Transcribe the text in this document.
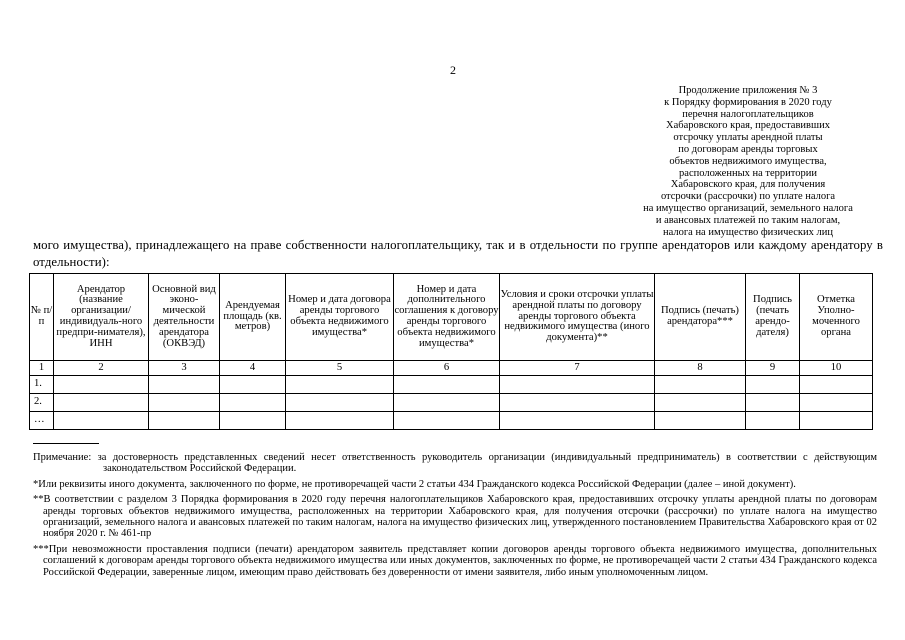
2
Продолжение приложения № 3
к Порядку формирования в 2020 году
перечня налогоплательщиков
Хабаровского края, предоставивших
отсрочку уплаты арендной платы
по договорам аренды торговых
объектов недвижимого имущества,
расположенных на территории
Хабаровского края, для получения
отсрочки (рассрочки) по уплате налога
на имущество организаций, земельного налога
и авансовых платежей по таким налогам,
налога на имущество физических лиц
мого имущества), принадлежащего на праве собственности налогоплательщику, так и в отдельности по группе арендаторов или каждому арендатору в отдельности):
№ п/п	Арендатор (название организации/ индивидуаль-ного предпри-нимателя), ИНН	Основной вид эконо-мической деятельности арендатора (ОКВЭД)	Арендуемая площадь (кв. метров)	Номер и дата договора аренды торгового объекта недвижимого имущества*	Номер и дата дополнительного соглашения к договору аренды торгового объекта недвижимого имущества*	Условия и сроки отсрочки уплаты арендной платы по договору аренды торгового объекта недвижимого имущества (иного документа)**	Подпись (печать) арендатора***	Подпись (печать арендо-дателя)	Отметка Уполно-моченного органа
1	2	3	4	5	6	7	8	9	10
1.									
2.									
…									

Примечание: за достоверность представленных сведений несет ответственность руководитель организации (индивидуальный предприниматель) в соответствии с действующим законодательством Российской Федерации.

*Или реквизиты иного документа, заключенного по форме, не противоречащей части 2 статьи 434 Гражданского кодекса Российской Федерации (далее – иной документ).

**В соответствии с разделом 3 Порядка формирования в 2020 году перечня налогоплательщиков Хабаровского края, предоставивших отсрочку уплаты арендной платы по договорам аренды торговых объектов недвижимого имущества, расположенных на территории Хабаровского края, для получения отсрочки (рассрочки) по уплате налога на имущество организаций, земельного налога и авансовых платежей по таким налогам, налога на имущество физических лиц, утвержденного постановлением Правительства Хабаровского края от 02 ноября 2020 г. № 461-пр

***При невозможности проставления подписи (печати) арендатором заявитель представляет копии договоров аренды торгового объекта недвижимого имущества, дополнительных соглашений к договорам аренды торгового объекта недвижимого имущества или иных документов, заключенных по форме, не противоречащей части 2 статьи 434 Гражданского кодекса Российской Федерации, заверенные лицом, имеющим право действовать без доверенности от имени заявителя, либо иным уполномоченным лицом.
